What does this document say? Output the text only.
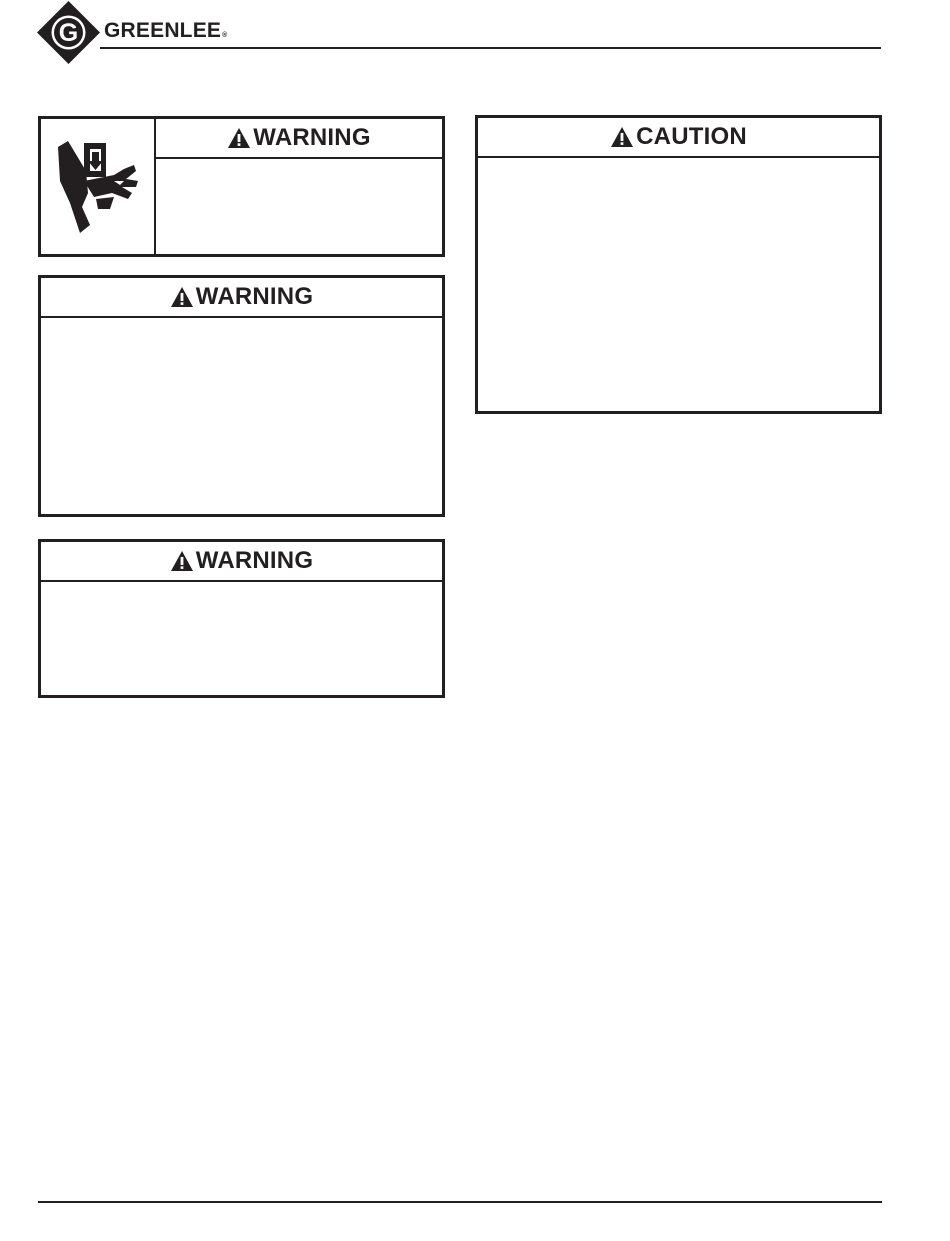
G GREENLEE®
WARNING
WARNING
WARNING
CAUTION
